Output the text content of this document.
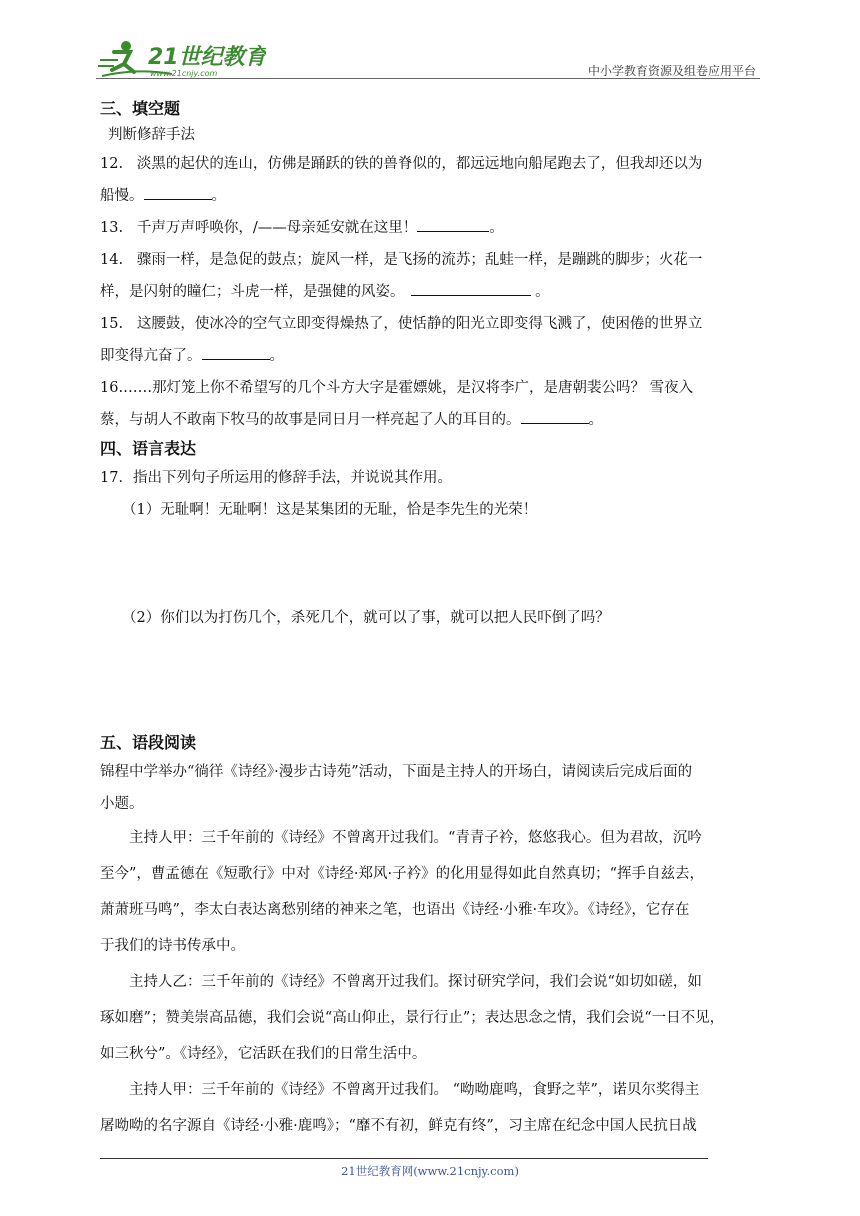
21世纪教育
www.21cnjy.com	中小学教育资源及组卷应用平台

三、填空题

判断修辞手法

12. 淡黑的起伏的连山，仿佛是踊跃的铁的兽脊似的，都远远地向船尾跑去了，但我却还以为
船慢。	。

13. 千声万声呼唤你，/——母亲延安就在这里！	。

14. 骤雨一样，是急促的鼓点；旋风一样，是飞扬的流苏；乱蛙一样，是蹦跳的脚步；火花一
样，是闪射的瞳仁；斗虎一样，是强健的风姿。	。

15. 这腰鼓，使冰冷的空气立即变得燥热了，使恬静的阳光立即变得飞溅了，使困倦的世界立
即变得亢奋了。	。

16.……那灯笼上你不希望写的几个斗方大字是霍嫖姚，是汉将李广，是唐朝裴公吗？ 雪夜入
蔡，与胡人不敢南下牧马的故事是同日月一样亮起了人的耳目的。	。

四、语言表达

17．指出下列句子所运用的修辞手法，并说说其作用。

（1）无耻啊！无耻啊！这是某集团的无耻，恰是李先生的光荣！

（2）你们以为打伤几个，杀死几个，就可以了事，就可以把人民吓倒了吗？

五、语段阅读

锦程中学举办“徜徉《诗经》·漫步古诗苑”活动，下面是主持人的开场白，请阅读后完成后面的
小题。

主持人甲：三千年前的《诗经》不曾离开过我们。“青青子衿，悠悠我心。但为君故，沉吟
至今”，曹孟德在《短歌行》中对《诗经·郑风·子衿》的化用显得如此自然真切；“挥手自兹去，
萧萧班马鸣”，李太白表达离愁别绪的神来之笔，也语出《诗经·小雅·车攻》。《诗经》，它存在
于我们的诗书传承中。

主持人乙：三千年前的《诗经》不曾离开过我们。探讨研究学问，我们会说“如切如磋，如
琢如磨”；赞美崇高品德，我们会说“高山仰止，景行行止”；表达思念之情，我们会说“一日不见，
如三秋兮”。《诗经》，它活跃在我们的日常生活中。

主持人甲：三千年前的《诗经》不曾离开过我们。 “呦呦鹿鸣，食野之苹”，诺贝尔奖得主
屠呦呦的名字源自《诗经·小雅·鹿鸣》；“靡不有初，鲜克有终”，习主席在纪念中国人民抗日战

21世纪教育网(www.21cnjy.com)
